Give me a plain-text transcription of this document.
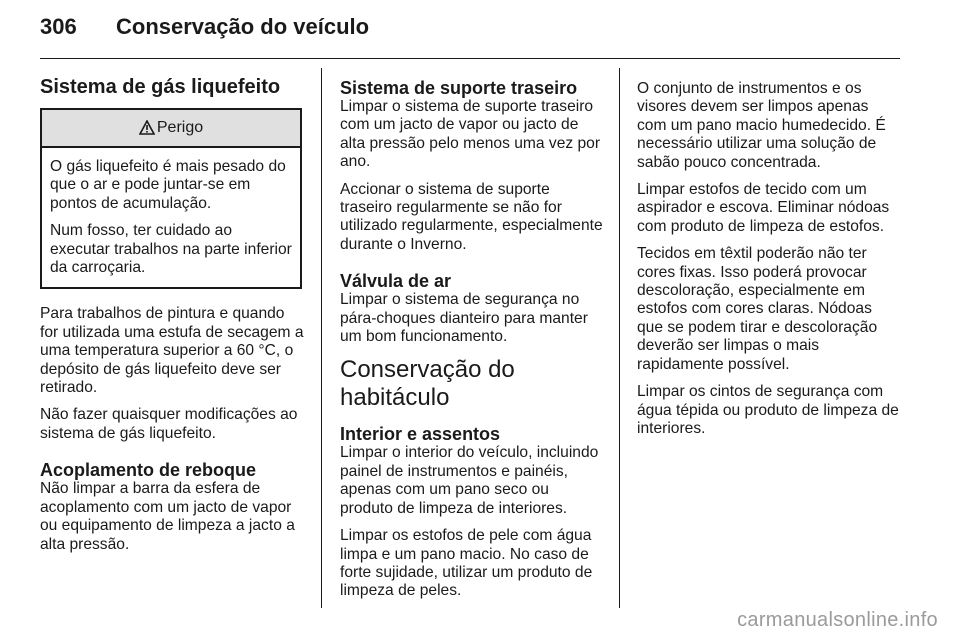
306 Conservação do veículo
Sistema de gás liquefeito
Perigo

O gás liquefeito é mais pesado do que o ar e pode juntar-se em pontos de acumulação.

Num fosso, ter cuidado ao executar trabalhos na parte inferior da carroçaria.

Para trabalhos de pintura e quando for utilizada uma estufa de secagem a uma temperatura superior a 60 °C, o depósito de gás liquefeito deve ser retirado.

Não fazer quaisquer modificações ao sistema de gás liquefeito.

Acoplamento de reboque

Não limpar a barra da esfera de acoplamento com um jacto de vapor ou equipamento de limpeza a jacto a alta pressão.

Sistema de suporte traseiro

Limpar o sistema de suporte traseiro com um jacto de vapor ou jacto de alta pressão pelo menos uma vez por ano.

Accionar o sistema de suporte traseiro regularmente se não for utilizado regularmente, especialmente durante o Inverno.

Válvula de ar

Limpar o sistema de segurança no pára-choques dianteiro para manter um bom funcionamento.

Conservação do habitáculo
Interior e assentos

Limpar o interior do veículo, incluindo painel de instrumentos e painéis, apenas com um pano seco ou produto de limpeza de interiores.

Limpar os estofos de pele com água limpa e um pano macio. No caso de forte sujidade, utilizar um produto de limpeza de peles.

O conjunto de instrumentos e os visores devem ser limpos apenas com um pano macio humedecido. É necessário utilizar uma solução de sabão pouco concentrada.

Limpar estofos de tecido com um aspirador e escova. Eliminar nódoas com produto de limpeza de estofos.

Tecidos em têxtil poderão não ter cores fixas. Isso poderá provocar descoloração, especialmente em estofos com cores claras. Nódoas que se podem tirar e descoloração deverão ser limpas o mais rapidamente possível.

Limpar os cintos de segurança com água tépida ou produto de limpeza de interiores.

carmanualsonline.info
